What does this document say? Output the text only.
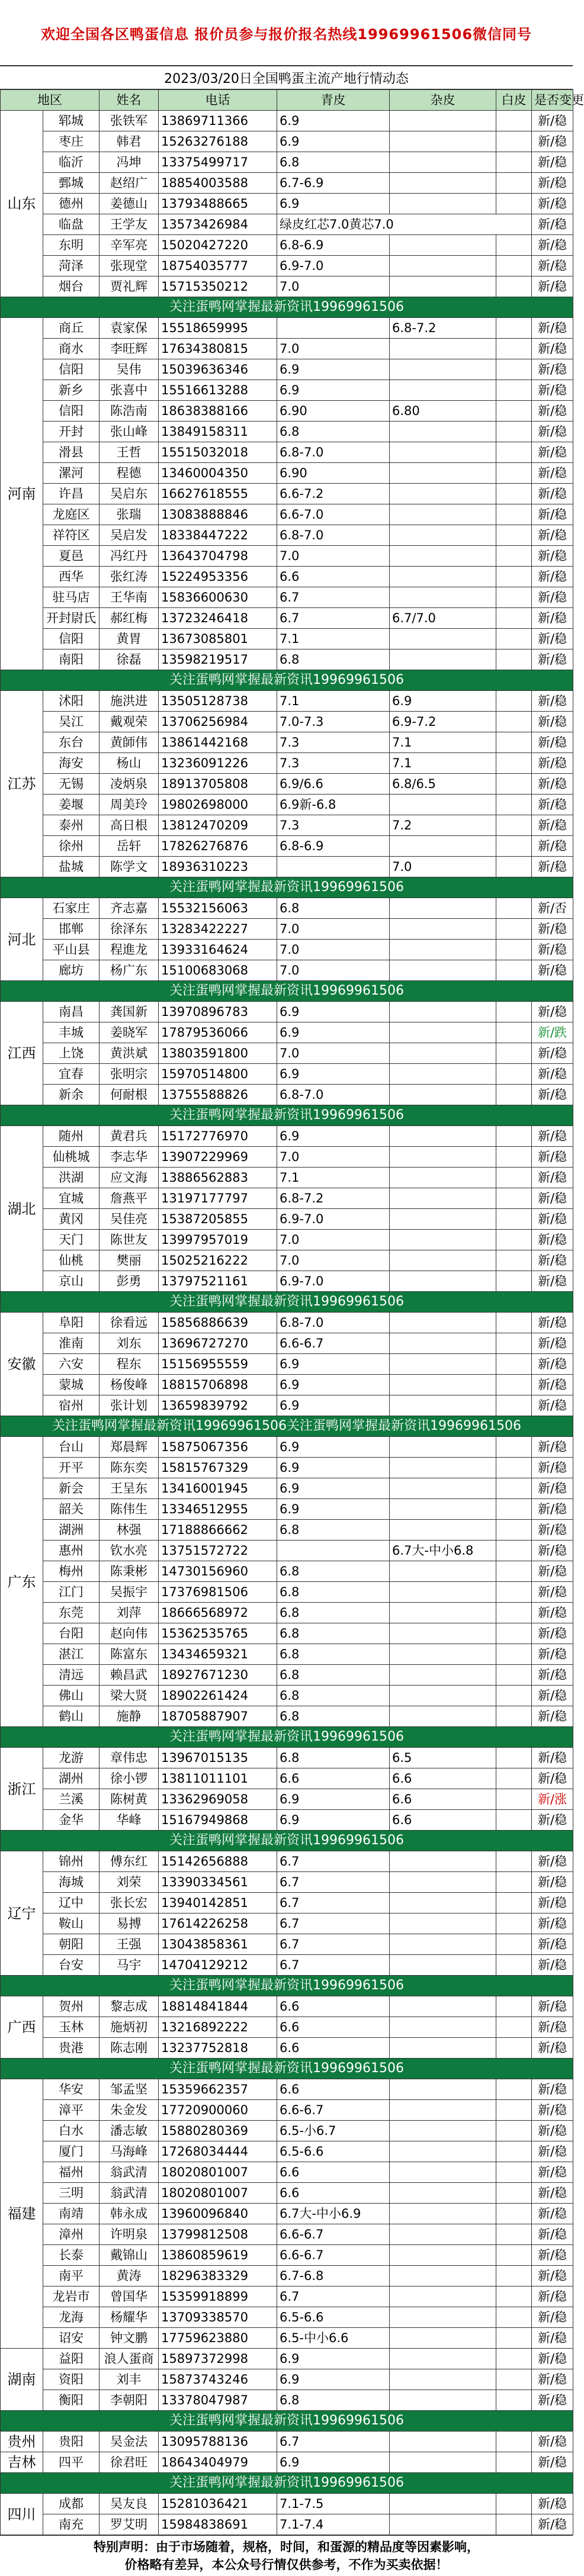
欢迎全国各区鸭蛋信息 报价员参与报价报名热线19969961506微信同号
2023/03/20日全国鸭蛋主流产地行情动态
地区		姓名	电话	青皮	杂皮	白皮	是否变更
山东	郓城	张铁军	13869711366	6.9			新/稳
	枣庄	韩君	15263276188	6.9			新/稳
	临沂	冯坤	13375499717	6.8			新/稳
	鄄城	赵绍广	18854003588	6.7-6.9			新/稳
	德州	姜德山	13793488665	6.9			新/稳
	临盘	王学友	13573426984	绿皮红芯7.0黄芯7.0			新/稳
	东明	辛军亮	15020427220	6.8-6.9			新/稳
	菏泽	张现堂	18754035777	6.9-7.0			新/稳
	烟台	贾礼辉	15715350212	7.0			新/稳
关注蛋鸭网掌握最新资讯19969961506							
河南	商丘	袁家保	15518659995		6.8-7.2		新/稳
	商水	李旺辉	17634380815	7.0			新/稳
	信阳	吴伟	15039636346	6.9			新/稳
	新乡	张喜中	15516613288	6.9			新/稳
	信阳	陈浩南	18638388166	6.90	6.80		新/稳
	开封	张山峰	13849158311	6.8			新/稳
	滑县	王哲	15515032018	6.8-7.0			新/稳
	漯河	程德	13460004350	6.90			新/稳
	许昌	吴启东	16627618555	6.6-7.2			新/稳
	龙庭区	张瑞	13083888846	6.6-7.0			新/稳
	祥符区	吴启发	18338447222	6.8-7.0			新/稳
	夏邑	冯红丹	13643704798	7.0			新/稳
	西华	张红涛	15224953356	6.6			新/稳
	驻马店	王华南	15836600630	6.7			新/稳
	开封尉氏	郝红梅	13723246418	6.7	6.7/7.0		新/稳
	信阳	黄胃	13673085801	7.1			新/稳
	南阳	徐磊	13598219517	6.8			新/稳
关注蛋鸭网掌握最新资讯19969961506							
江苏	沭阳	施洪进	13505128738	7.1	6.9		新/稳
	吴江	戴观荣	13706256984	7.0-7.3	6.9-7.2		新/稳
	东台	黄師伟	13861442168	7.3	7.1		新/稳
	海安	杨山	13236091226	7.3	7.1		新/稳
	无锡	凌炳泉	18913705808	6.9/6.6	6.8/6.5		新/稳
	姜堰	周美玲	19802698000	6.9新-6.8			新/稳
	泰州	高日根	13812470209	7.3	7.2		新/稳
	徐州	岳轩	17826276876	6.8-6.9			新/稳
	盐城	陈学文	18936310223		7.0		新/稳
关注蛋鸭网掌握最新资讯19969961506							
河北	石家庄	齐志嘉	15532156063	6.8			新/否
	邯郸	徐泽东	13283422227	7.0			新/稳
	平山县	程進龙	13933164624	7.0			新/稳
	廊坊	杨广东	15100683068	7.0			新/稳
关注蛋鸭网掌握最新资讯19969961506							
江西	南昌	龚国新	13970896783	6.9			新/稳
	丰城	姜晓军	17879536066	6.9			新/跌
	上饶	黄洪斌	13803591800	7.0			新/稳
	宜春	张明宗	15970514800	6.9			新/稳
	新余	何耐根	13755588826	6.8-7.0			新/稳
关注蛋鸭网掌握最新资讯19969961506							
湖北	随州	黄君兵	15172776970	6.9			新/稳
	仙桃城	李志华	13907229969	7.0			新/稳
	洪湖	应文海	13886562883	7.1			新/稳
	宜城	詹燕平	13197177797	6.8-7.2			新/稳
	黄冈	吴佳亮	15387205855	6.9-7.0			新/稳
	天门	陈世友	13997957019	7.0			新/稳
	仙桃	樊丽	15025216222	7.0			新/稳
	京山	彭勇	13797521161	6.9-7.0			新/稳
关注蛋鸭网掌握最新资讯19969961506							
安徽	阜阳	徐看远	15856886639	6.8-7.0			新/稳
	淮南	刘东	13696727270	6.6-6.7			新/稳
	六安	程东	15156955559	6.9			新/稳
	蒙城	杨俊峰	18815706898	6.9			新/稳
	宿州	张计划	13659839792	6.9			新/稳
关注蛋鸭网掌握最新资讯19969961506关注蛋鸭网掌握最新资讯19969961506							
广东	台山	郑晨辉	15875067356	6.9			新/稳
	开平	陈东奕	15815767329	6.9			新/稳
	新会	王呈东	13416001945	6.9			新/稳
	韶关	陈伟生	13346512955	6.9			新/稳
	湖洲	林强	17188866662	6.8			新/稳
	惠州	钦水亮	13751572722		6.7大-中小6.8		新/稳
	梅州	陈秉彬	14730156960	6.8			新/稳
	江门	吴振宇	17376981506	6.8			新/稳
	东莞	刘萍	18666568972	6.8			新/稳
	台阳	赵向伟	15362535765	6.8			新/稳
	湛江	陈富东	13434659321	6.8			新/稳
	清远	赖昌武	18927671230	6.8			新/稳
	佛山	梁大贤	18902261424	6.8			新/稳
	鹤山	施静	18705887907	6.8			新/稳
关注蛋鸭网掌握最新资讯19969961506							
浙江	龙游	章伟忠	13967015135	6.8	6.5		新/稳
	湖州	徐小锣	13811011101	6.6	6.6		新/稳
	兰溪	陈树黄	13362969058	6.9	6.6		新/涨
	金华	华峰	15167949868	6.9	6.6		新/稳
关注蛋鸭网掌握最新资讯19969961506							
辽宁	锦州	傅东红	15142656888	6.7			新/稳
	海城	刘荣	13390334561	6.7			新/稳
	辽中	张长宏	13940142851	6.7			新/稳
	鞍山	易搏	17614226258	6.7			新/稳
	朝阳	王强	13043858361	6.7			新/稳
	台安	马宇	14704129212	6.7			新/稳
关注蛋鸭网掌握最新资讯19969961506							
广西	贺州	黎志成	18814841844	6.6			新/稳
	玉林	施炳初	13216892222	6.6			新/稳
	贵港	陈志刚	13237752818	6.6			新/稳
关注蛋鸭网掌握最新资讯19969961506							
福建	华安	邹孟坚	15359662357	6.6			新/稳
	漳平	朱金发	17720900060	6.6-6.7			新/稳
	白水	潘志敏	15880280369	6.5-小6.7			新/稳
	厦门	马海峰	17268034444	6.5-6.6			新/稳
	福州	翁武清	18020801007	6.6			新/稳
	三明	翁武清	18020801007	6.6			新/稳
	南靖	韩永成	13960096840	6.7大-中小6.9			新/稳
	漳州	许明泉	13799812508	6.6-6.7			新/稳
	长泰	戴锦山	13860859619	6.6-6.7			新/稳
	南平	黄涛	18296383329	6.7-6.8			新/稳
	龙岩市	曾国华	15359918899	6.7			新/稳
	龙海	杨耀华	13709338570	6.5-6.6			新/稳
	诏安	钟文鹏	17759623880	6.5-中小6.6			新/稳
湖南	益阳	浪人蛋商	15897372998	6.9			新/稳
	资阳	刘丰	15873743246	6.9			新/稳
	衡阳	李朝阳	13378047987	6.8			新/稳
关注蛋鸭网掌握最新资讯19969961506							
贵州	贵阳	吴金法	13095788136	6.7			新/稳
吉林	四平	徐君旺	18643404979	6.9			新/稳
关注蛋鸭网掌握最新资讯19969961506							
四川	成都	吴友良	15281036421	7.1-7.5			新/稳
	南充	罗艾明	15984838691	7.1-7.4			新/稳
特别声明：由于市场随着，规格，时间，和蛋源的精品度等因素影响，
价格略有差异，本公众号行情仅供参考，不作为买卖依据！
